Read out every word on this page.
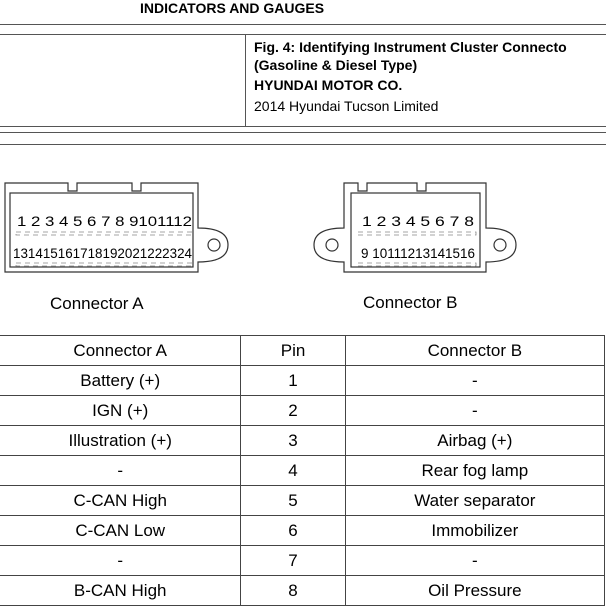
INDICATORS AND GAUGES
Fig. 4: Identifying Instrument Cluster Connecto
(Gasoline & Diesel Type)
HYUNDAI MOTOR CO.
2014 Hyundai Tucson Limited
1 2 3 4 5 6 7 8 9101112
131415161718192021222324
1 2 3 4 5 6 7 8
9 10111213141516
Connector A	Connector B
Connector A	Pin	Connector B
Battery (+)	1	-
IGN (+)	2	-
Illustration (+)	3	Airbag (+)
-	4	Rear fog lamp
C-CAN High	5	Water separator
C-CAN Low	6	Immobilizer
-	7	-
B-CAN High	8	Oil Pressure
